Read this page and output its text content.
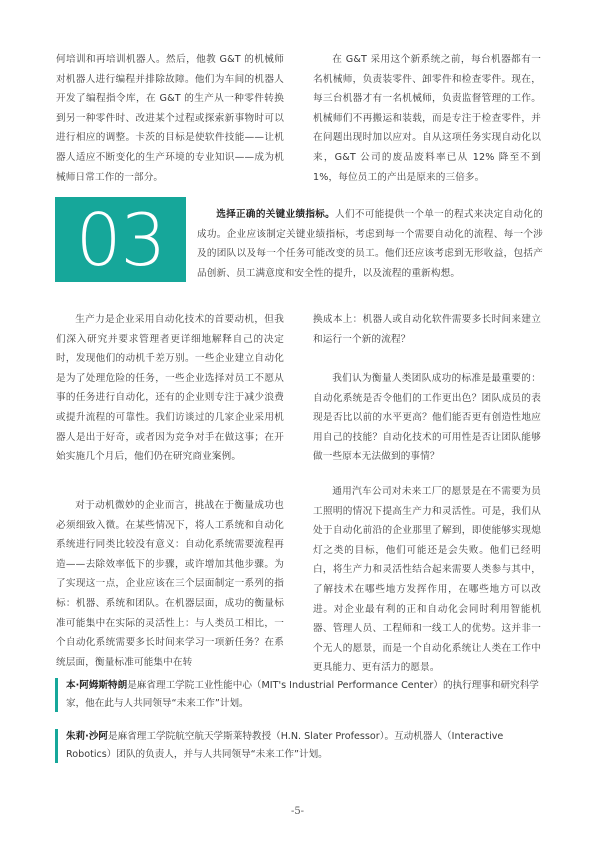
何培训和再培训机器人。然后，他教 G&T 的机械师对机器人进行编程并排除故障。他们为车间的机器人开发了编程指令库，在 G&T 的生产从一种零件转换到另一种零件时、改进某个过程或探索新事物时可以进行相应的调整。卡茨的目标是使软件技能——让机器人适应不断变化的生产环境的专业知识——成为机械师日常工作的一部分。
在 G&T 采用这个新系统之前，每台机器都有一名机械师，负责装零件、卸零件和检查零件。现在，每三台机器才有一名机械师，负责监督管理的工作。机械师们不再搬运和装载，而是专注于检查零件，并在问题出现时加以应对。自从这项任务实现自动化以来，G&T 公司的废品废料率已从 12% 降至不到 1%，每位员工的产出是原来的三倍多。
03	选择正确的关键业绩指标。人们不可能提供一个单一的程式来决定自动化的成功。企业应该制定关键业绩指标，考虑到每一个需要自动化的流程、每一个涉及的团队以及每一个任务可能改变的员工。他们还应该考虑到无形收益，包括产品创新、员工满意度和安全性的提升，以及流程的重新构想。
生产力是企业采用自动化技术的首要动机，但我们深入研究并要求管理者更详细地解释自己的决定时，发现他们的动机千差万别。一些企业建立自动化是为了处理危险的任务，一些企业选择对员工不愿从事的任务进行自动化，还有的企业则专注于减少浪费或提升流程的可靠性。我们访谈过的几家企业采用机器人是出于好奇，或者因为竞争对手在做这事；在开始实施几个月后，他们仍在研究商业案例。
对于动机微妙的企业而言，挑战在于衡量成功也必须细致入微。在某些情况下，将人工系统和自动化系统进行同类比较没有意义：自动化系统需要流程再造——去除效率低下的步骤，或许增加其他步骤。为了实现这一点，企业应该在三个层面制定一系列的指标：机器、系统和团队。在机器层面，成功的衡量标准可能集中在实际的灵活性上：与人类员工相比，一个自动化系统需要多长时间来学习一项新任务？在系统层面，衡量标准可能集中在转
换成本上：机器人或自动化软件需要多长时间来建立和运行一个新的流程？
我们认为衡量人类团队成功的标准是最重要的：自动化系统是否令他们的工作更出色？团队成员的表现是否比以前的水平更高？他们能否更有创造性地应用自己的技能？自动化技术的可用性是否让团队能够做一些原本无法做到的事情？
通用汽车公司对未来工厂的愿景是在不需要为员工照明的情况下提高生产力和灵活性。可是，我们从处于自动化前沿的企业那里了解到，即使能够实现熄灯之类的目标，他们可能还是会失败。他们已经明白，将生产力和灵活性结合起来需要人类参与其中，了解技术在哪些地方发挥作用，在哪些地方可以改进。对企业最有利的正和自动化会同时利用智能机器、管理人员、工程师和一线工人的优势。这并非一个无人的愿景，而是一个自动化系统让人类在工作中更具能力、更有活力的愿景。
本·阿姆斯特朗是麻省理工学院工业性能中心（MIT's Industrial Performance Center）的执行理事和研究科学家，他在此与人共同领导“未来工作”计划。
朱莉·沙阿是麻省理工学院航空航天学斯莱特教授（H.N. Slater Professor）。互动机器人（Interactive Robotics）团队的负责人，并与人共同领导“未来工作”计划。
-5-
